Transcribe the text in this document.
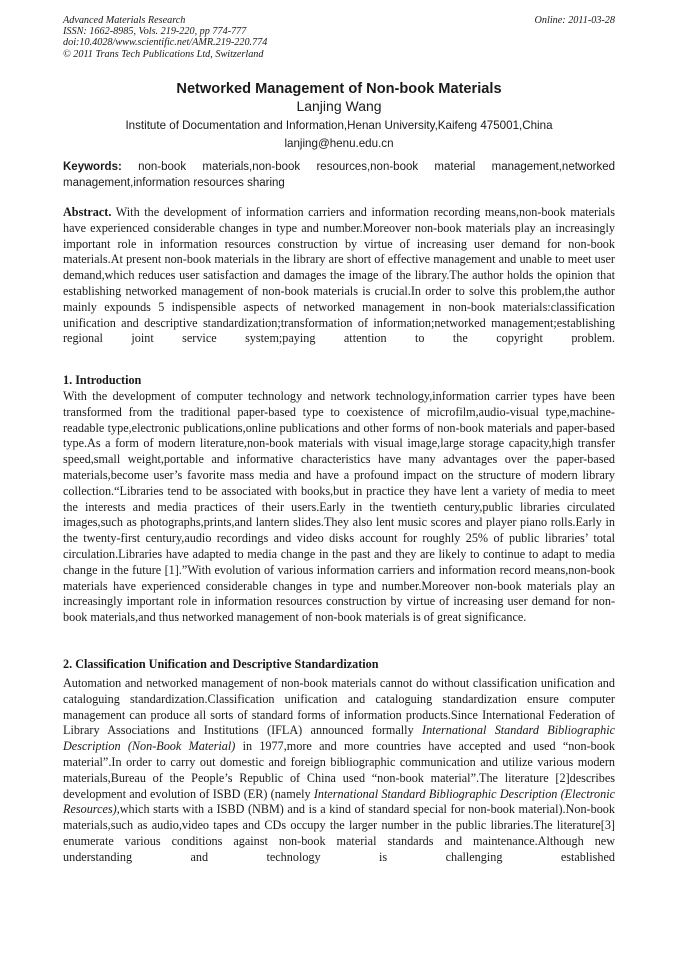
Advanced Materials Research
ISSN: 1662-8985, Vols. 219-220, pp 774-777
doi:10.4028/www.scientific.net/AMR.219-220.774
© 2011 Trans Tech Publications Ltd, Switzerland
Online: 2011-03-28
Networked Management of Non-book Materials
Lanjing Wang
Institute of Documentation and Information,Henan University,Kaifeng 475001,China
lanjing@henu.edu.cn
Keywords: non-book materials,non-book resources,non-book material management,networked management,information resources sharing
Abstract. With the development of information carriers and information recording means,non-book materials have experienced considerable changes in type and number.Moreover non-book materials play an increasingly important role in information resources construction by virtue of increasing user demand for non-book materials.At present non-book materials in the library are short of effective management and unable to meet user demand,which reduces user satisfaction and damages the image of the library.The author holds the opinion that establishing networked management of non-book materials is crucial.In order to solve this problem,the author mainly expounds 5 indispensible aspects of networked management in non-book materials:classification unification and descriptive standardization;transformation of information;networked management;establishing regional joint service system;paying attention to the copyright problem.
1. Introduction
With the development of computer technology and network technology,information carrier types have been transformed from the traditional paper-based type to coexistence of microfilm,audio-visual type,machine-readable type,electronic publications,online publications and other forms of non-book materials and paper-based type.As a form of modern literature,non-book materials with visual image,large storage capacity,high transfer speed,small weight,portable and informative characteristics have many advantages over the paper-based materials,become user’s favorite mass media and have a profound impact on the structure of modern library collection.“Libraries tend to be associated with books,but in practice they have lent a variety of media to meet the interests and media practices of their users.Early in the twentieth century,public libraries circulated images,such as photographs,prints,and lantern slides.They also lent music scores and player piano rolls.Early in the twenty-first century,audio recordings and video disks account for roughly 25% of public libraries’ total circulation.Libraries have adapted to media change in the past and they are likely to continue to adapt to media change in the future [1].”With evolution of various information carriers and information record means,non-book materials have experienced considerable changes in type and number.Moreover non-book materials play an increasingly important role in information resources construction by virtue of increasing user demand for non-book materials,and thus networked management of non-book materials is of great significance.
2. Classification Unification and Descriptive Standardization
Automation and networked management of non-book materials cannot do without classification unification and cataloguing standardization.Classification unification and cataloguing standardization ensure computer management can produce all sorts of standard forms of information products.Since International Federation of Library Associations and Institutions (IFLA) announced formally International Standard Bibliographic Description (Non-Book Material) in 1977,more and more countries have accepted and used “non-book material”.In order to carry out domestic and foreign bibliographic communication and utilize various modern materials,Bureau of the People’s Republic of China used “non-book material”.The literature [2]describes development and evolution of ISBD (ER) (namely International Standard Bibliographic Description (Electronic Resources),which starts with a ISBD (NBM) and is a kind of standard special for non-book material).Non-book materials,such as audio,video tapes and CDs occupy the larger number in the public libraries.The literature[3] enumerate various conditions against non-book material standards and maintenance.Although new understanding and technology is challenging established
